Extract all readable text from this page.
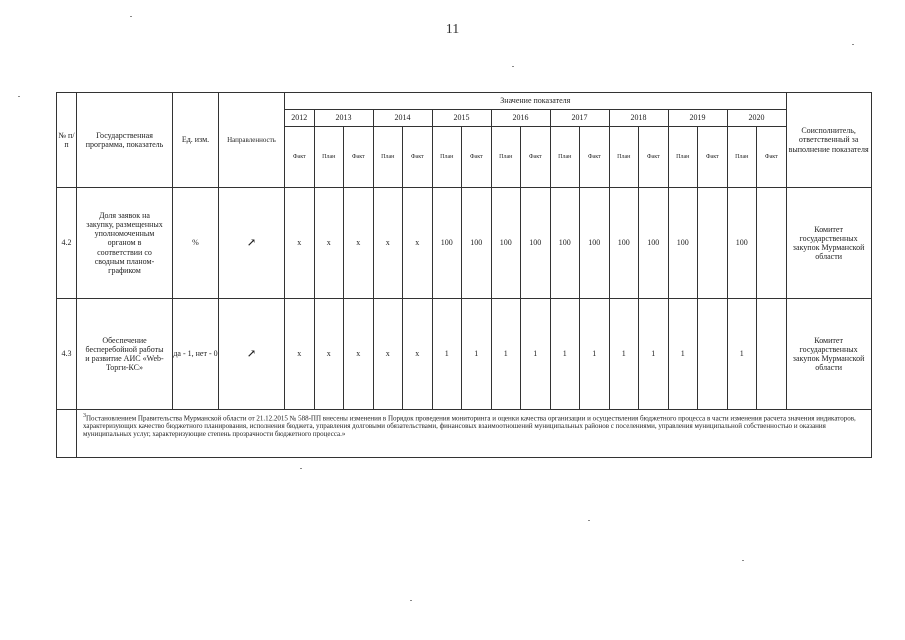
11
№ п/п	Государственная программа, показатель	Ед. изм.	Направленность	Значение показателя																	Соисполнитель, ответственный за выполнение показателя
				2012	2013		2014		2015		2016		2017		2018		2019		2020		
				Факт	План	Факт	План	Факт	План	Факт	План	Факт	План	Факт	План	Факт	План	Факт	План	Факт	
4.2	Доля заявок на закупку, размещенных уполномоченным органом в соответствии со сводным планом-графиком	%	↗	x	x	x	x	x	100	100	100	100	100	100	100	100	100		100		Комитет государственных закупок Мурманской области
4.3	Обеспечение бесперебойной работы и развитие АИС «Web-Торги-КС»	да - 1, нет - 0	↗	x	x	x	x	x	1	1	1	1	1	1	1	1	1		1		Комитет государственных закупок Мурманской области
	$^3$Постановлением Правительства Мурманской области от 21.12.2015 № 588-ПП внесены изменения в Порядок проведения мониторинга и оценки качества организации и осуществления бюджетного процесса в части изменения расчета значения индикаторов, характеризующих качество бюджетного планирования, исполнения бюджета, управления долговыми обязательствами, финансовых взаимоотношений муниципальных районов с поселениями, управления муниципальной собственностью и оказания муниципальных услуг, характеризующие степень прозрачности бюджетного процесса.»																				
